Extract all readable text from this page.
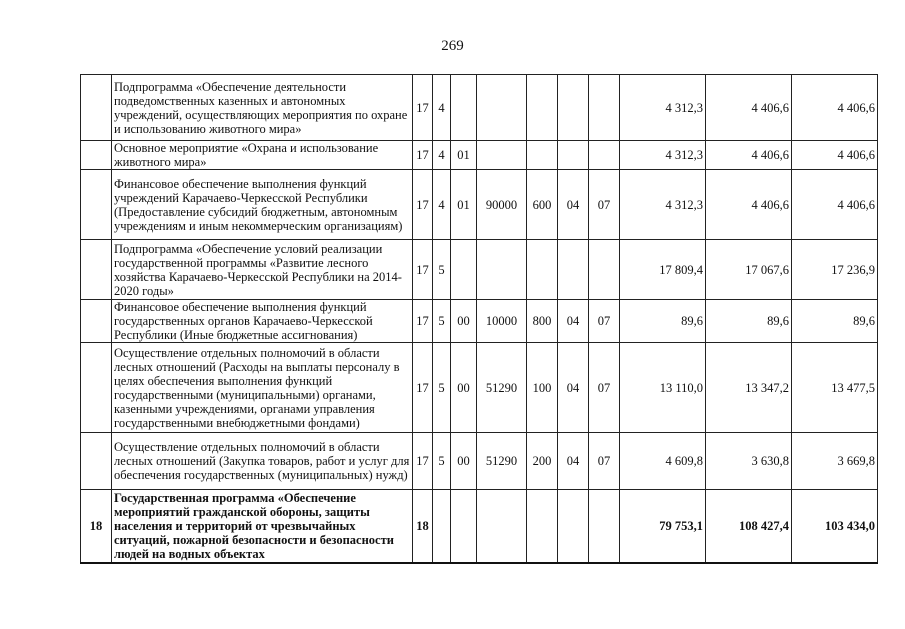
269
	Подпрограмма «Обеспечение деятельности подведомственных казенных и автономных учреждений, осуществляющих мероприятия по охране и использованию животного мира»	17	4						4 312,3	4 406,6	4 406,6
	Основное мероприятие «Охрана и использование животного мира»	17	4	01					4 312,3	4 406,6	4 406,6
	Финансовое обеспечение выполнения функций учреждений Карачаево-Черкесской Республики (Предоставление субсидий бюджетным, автономным учреждениям и иным некоммерческим организациям)	17	4	01	90000	600	04	07	4 312,3	4 406,6	4 406,6
	Подпрограмма «Обеспечение условий реализации государственной программы «Развитие лесного хозяйства Карачаево-Черкесской Республики на 2014-2020 годы»	17	5						17 809,4	17 067,6	17 236,9
	Финансовое обеспечение выполнения функций государственных органов Карачаево-Черкесской Республики (Иные бюджетные ассигнования)	17	5	00	10000	800	04	07	89,6	89,6	89,6
	Осуществление отдельных полномочий в области лесных отношений (Расходы на выплаты персоналу в целях обеспечения выполнения функций государственными (муниципальными) органами, казенными учреждениями, органами управления государственными внебюджетными фондами)	17	5	00	51290	100	04	07	13 110,0	13 347,2	13 477,5
	Осуществление отдельных полномочий в области лесных отношений (Закупка товаров, работ и услуг для обеспечения государственных (муниципальных) нужд)	17	5	00	51290	200	04	07	4 609,8	3 630,8	3 669,8
18	Государственная программа «Обеспечение мероприятий гражданской обороны, защиты населения и территорий от чрезвычайных ситуаций, пожарной безопасности и безопасности людей на водных объектах	18							79 753,1	108 427,4	103 434,0
